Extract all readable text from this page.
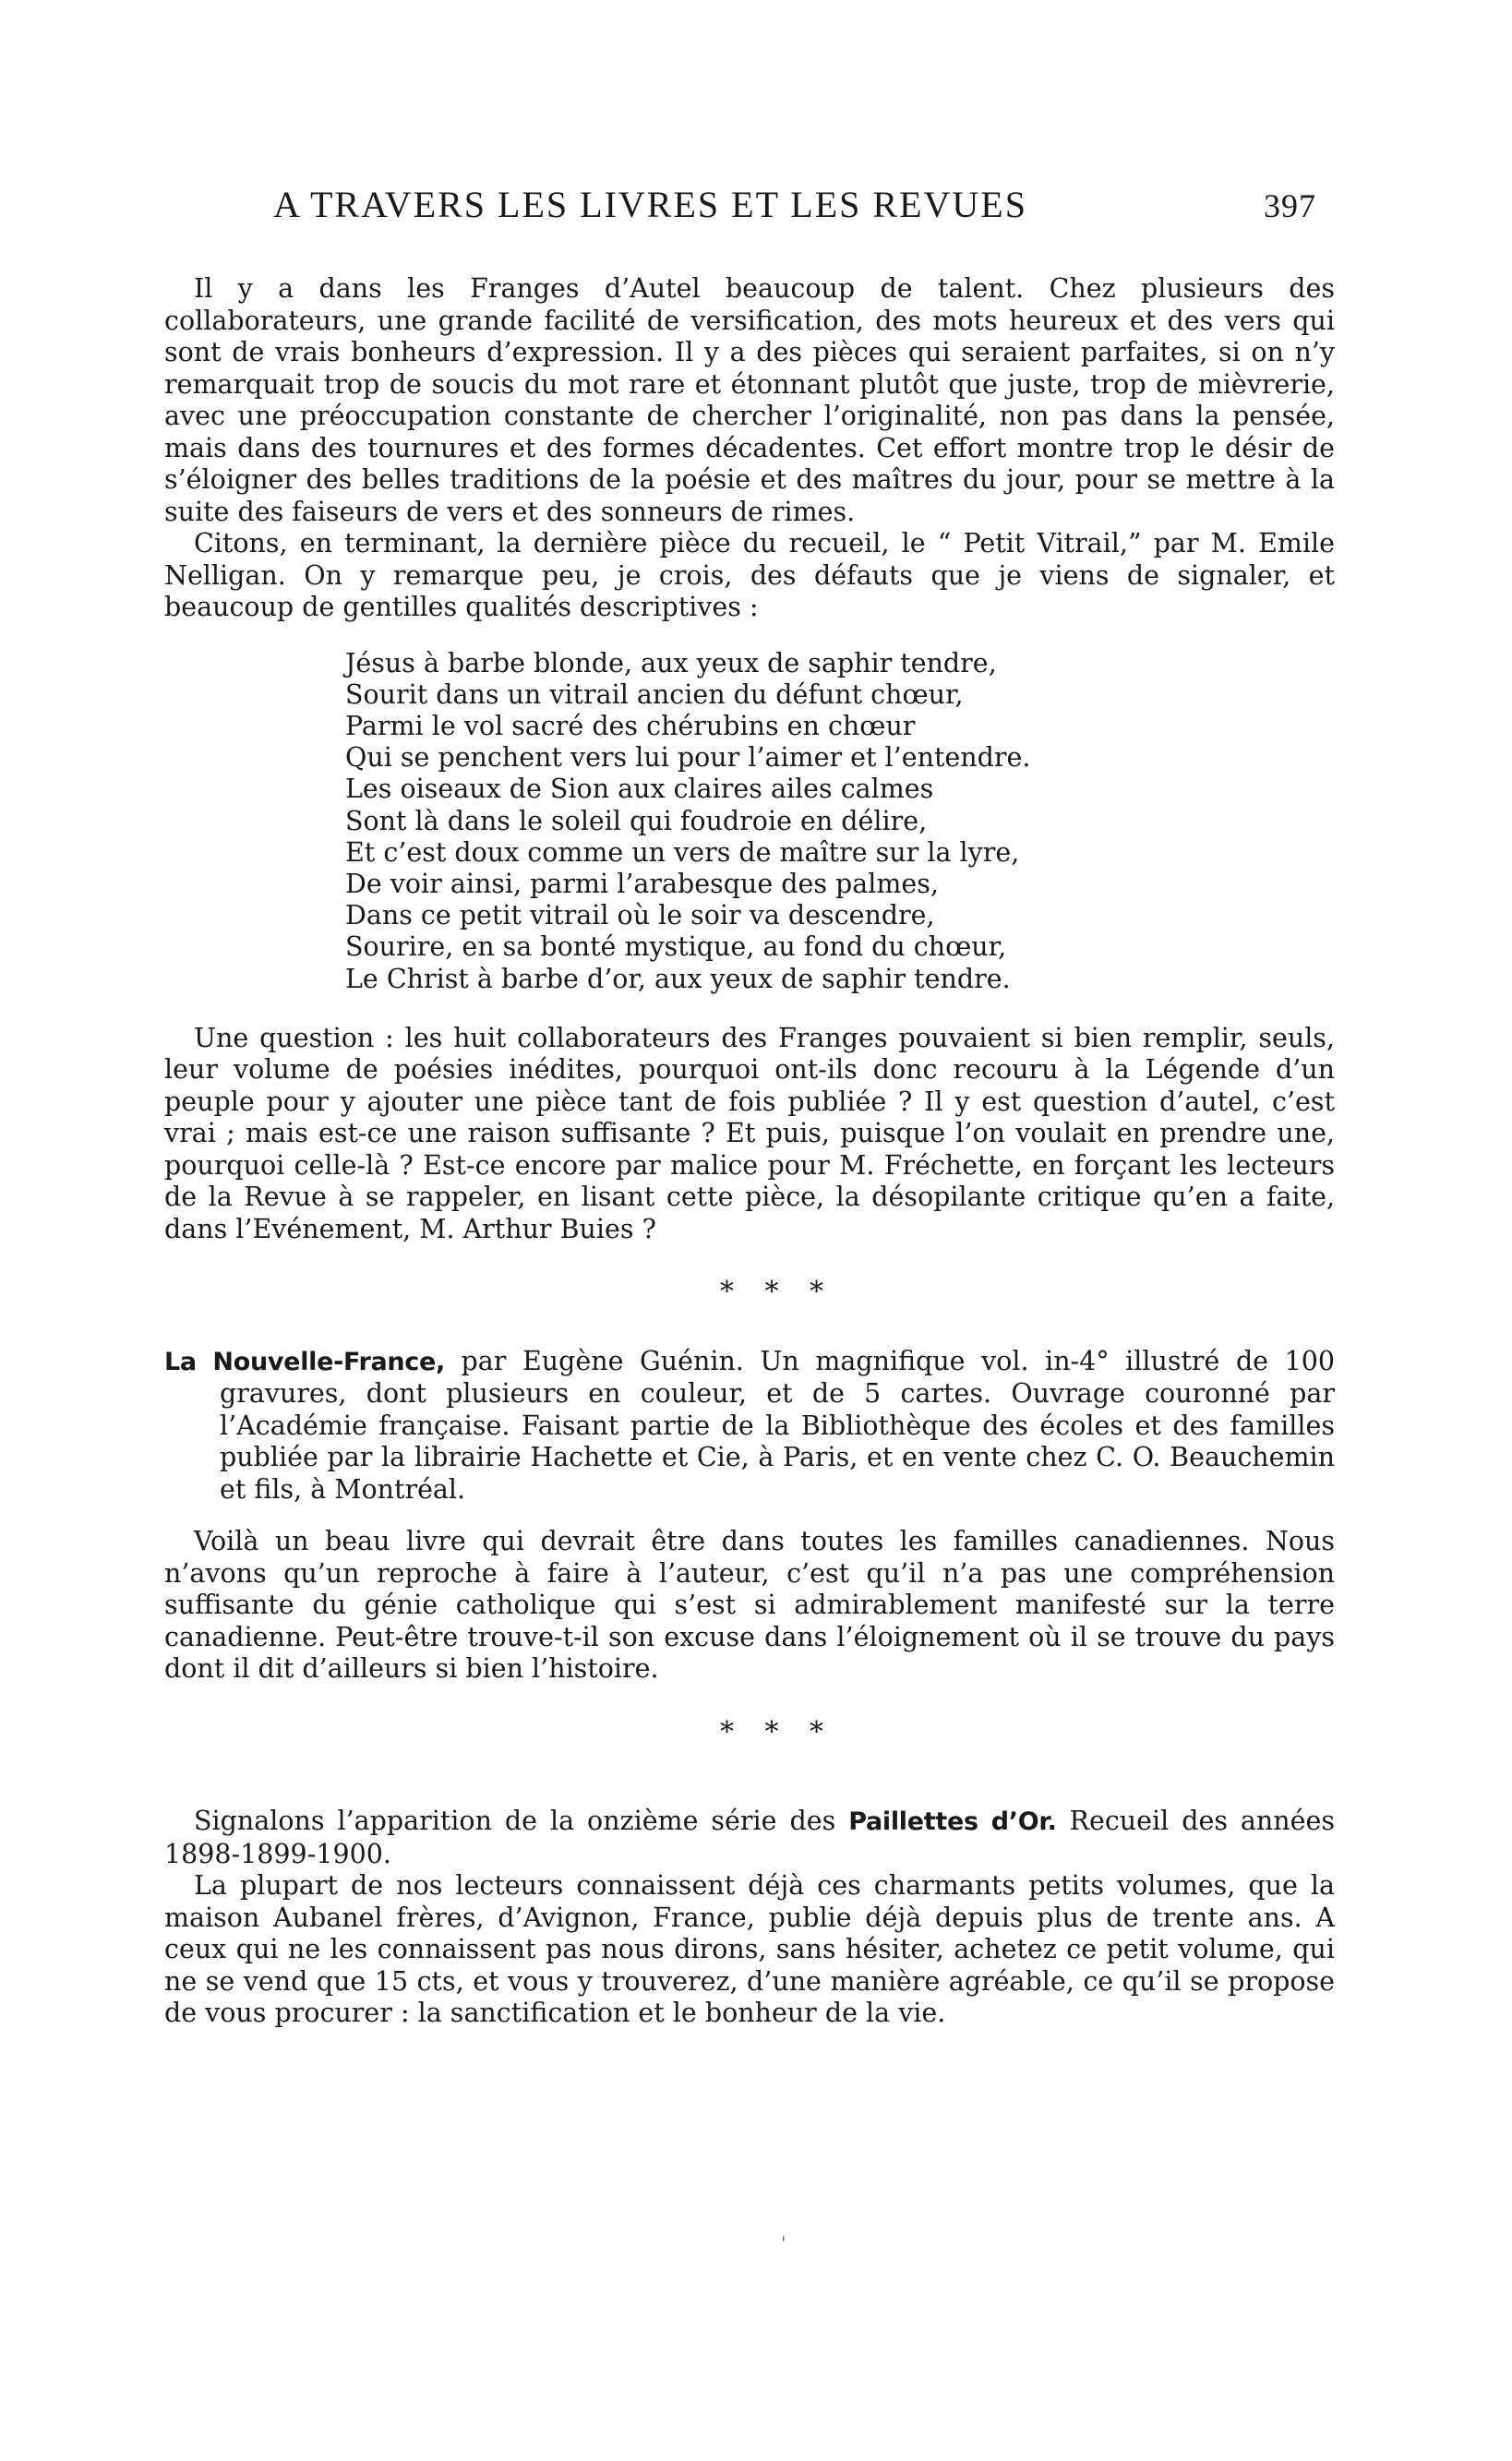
A TRAVERS LES LIVRES ET LES REVUES	397

Il y a dans les Franges d’Autel beaucoup de talent. Chez plusieurs des collaborateurs, une grande facilité de versification, des mots heureux et des vers qui sont de vrais bonheurs d’expression. Il y a des pièces qui seraient parfaites, si on n’y remarquait trop de soucis du mot rare et étonnant plutôt que juste, trop de mièvrerie, avec une préoccupation constante de chercher l’originalité, non pas dans la pensée, mais dans des tournures et des formes décadentes. Cet effort montre trop le désir de s’éloigner des belles traditions de la poésie et des maîtres du jour, pour se mettre à la suite des faiseurs de vers et des sonneurs de rimes.

Citons, en terminant, la dernière pièce du recueil, le “ Petit Vitrail,” par M. Emile Nelligan. On y remarque peu, je crois, des défauts que je viens de signaler, et beaucoup de gentilles qualités descriptives :

Jésus à barbe blonde, aux yeux de saphir tendre,
Sourit dans un vitrail ancien du défunt chœur,
Parmi le vol sacré des chérubins en chœur
Qui se penchent vers lui pour l’aimer et l’entendre.
Les oiseaux de Sion aux claires ailes calmes
Sont là dans le soleil qui foudroie en délire,
Et c’est doux comme un vers de maître sur la lyre,
De voir ainsi, parmi l’arabesque des palmes,
Dans ce petit vitrail où le soir va descendre,
Sourire, en sa bonté mystique, au fond du chœur,
Le Christ à barbe d’or, aux yeux de saphir tendre.

Une question : les huit collaborateurs des Franges pouvaient si bien remplir, seuls, leur volume de poésies inédites, pourquoi ont-ils donc recouru à la Légende d’un peuple pour y ajouter une pièce tant de fois publiée ? Il y est question d’autel, c’est vrai ; mais est-ce une raison suffisante ? Et puis, puisque l’on voulait en prendre une, pourquoi celle-là ? Est-ce encore par malice pour M. Fréchette, en forçant les lecteurs de la Revue à se rappeler, en lisant cette pièce, la désopilante critique qu’en a faite, dans l’Evénement, M. Arthur Buies ?

* * *

La Nouvelle-France, par Eugène Guénin. Un magnifique vol. in-4° illustré de 100 gravures, dont plusieurs en couleur, et de 5 cartes. Ouvrage couronné par l’Académie française. Faisant partie de la Bibliothèque des écoles et des familles publiée par la librairie Hachette et Cie, à Paris, et en vente chez C. O. Beauchemin et fils, à Montréal.

Voilà un beau livre qui devrait être dans toutes les familles canadiennes. Nous n’avons qu’un reproche à faire à l’auteur, c’est qu’il n’a pas une compréhension suffisante du génie catholique qui s’est si admirablement manifesté sur la terre canadienne. Peut-être trouve-t-il son excuse dans l’éloignement où il se trouve du pays dont il dit d’ailleurs si bien l’histoire.

* * *

Signalons l’apparition de la onzième série des Paillettes d’Or. Recueil des années 1898-1899-1900.

La plupart de nos lecteurs connaissent déjà ces charmants petits volumes, que la maison Aubanel frères, d’Avignon, France, publie déjà depuis plus de trente ans. A ceux qui ne les connaissent pas nous dirons, sans hésiter, achetez ce petit volume, qui ne se vend que 15 cts, et vous y trouverez, d’une manière agréable, ce qu’il se propose de vous procurer : la sanctification et le bonheur de la vie.

'
